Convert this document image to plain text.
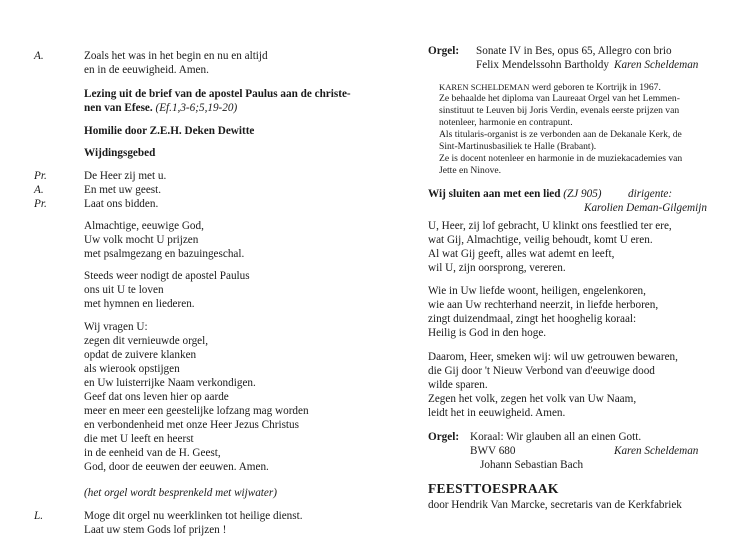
A.	Zoals het was in het begin en nu en altijd
en in de eeuwigheid. Amen.
Lezing uit de brief van de apostel Paulus aan de christe-
nen van Efese. (Ef.1,3-6;5,19-20)
Homilie door Z.E.H. Deken Dewitte
Wijdingsgebed
Pr.	De Heer zij met u.
A.	En met uw geest.
Pr.	Laat ons bidden.
Almachtige, eeuwige God,
Uw volk mocht U prijzen
met psalmgezang en bazuingeschal.
Steeds weer nodigt de apostel Paulus
ons uit U te loven
met hymnen en liederen.
Wij vragen U:
zegen dit vernieuwde orgel,
opdat de zuivere klanken
als wierook opstijgen
en Uw luisterrijke Naam verkondigen.
Geef dat ons leven hier op aarde
meer en meer een geestelijke lofzang mag worden
en verbondenheid met onze Heer Jezus Christus
die met U leeft en heerst
in de eenheid van de H. Geest,
God, door de eeuwen der eeuwen. Amen.
(het orgel wordt besprenkeld met wijwater)
L.	Moge dit orgel nu weerklinken tot heilige dienst.
Laat uw stem Gods lof prijzen !
Orgel: Sonate IV in Bes, opus 65, Allegro con brio
Felix Mendelssohn Bartholdy Karen Scheldeman
KAREN SCHELDEMAN werd geboren te Kortrijk in 1967.
Ze behaalde het diploma van Laureaat Orgel van het Lemmen-
sinstituut te Leuven bij Joris Verdin, evenals eerste prijzen van
notenleer, harmonie en contrapunt.
Als titularis-organist is ze verbonden aan de Dekanale Kerk, de
Sint-Martinusbasiliek te Halle (Brabant).
Ze is docent notenleer en harmonie in de muziekacademies van
Jette en Ninove.
Wij sluiten aan met een lied (ZJ 905) dirigente:
Karolien Deman-Gilgemijn
U, Heer, zij lof gebracht, U klinkt ons feestlied ter ere,
wat Gij, Almachtige, veilig behoudt, komt U eren.
Al wat Gij geeft, alles wat ademt en leeft,
wil U, zijn oorsprong, vereren.
Wie in Uw liefde woont, heiligen, engelenkoren,
wie aan Uw rechterhand neerzit, in liefde herboren,
zingt duizendmaal, zingt het hooghelig koraal:
Heilig is God in den hoge.
Daarom, Heer, smeken wij: wil uw getrouwen bewaren,
die Gij door 't Nieuw Verbond van d'eeuwige dood
wilde sparen.
Zegen het volk, zegen het volk van Uw Naam,
leidt het in eeuwigheid. Amen.
Orgel: Koraal: Wir glauben all an einen Gott.
BWV 680	Karen Scheldeman
Johann Sebastian Bach
FEESTTOESPRAAK
door Hendrik Van Marcke, secretaris van de Kerkfabriek
